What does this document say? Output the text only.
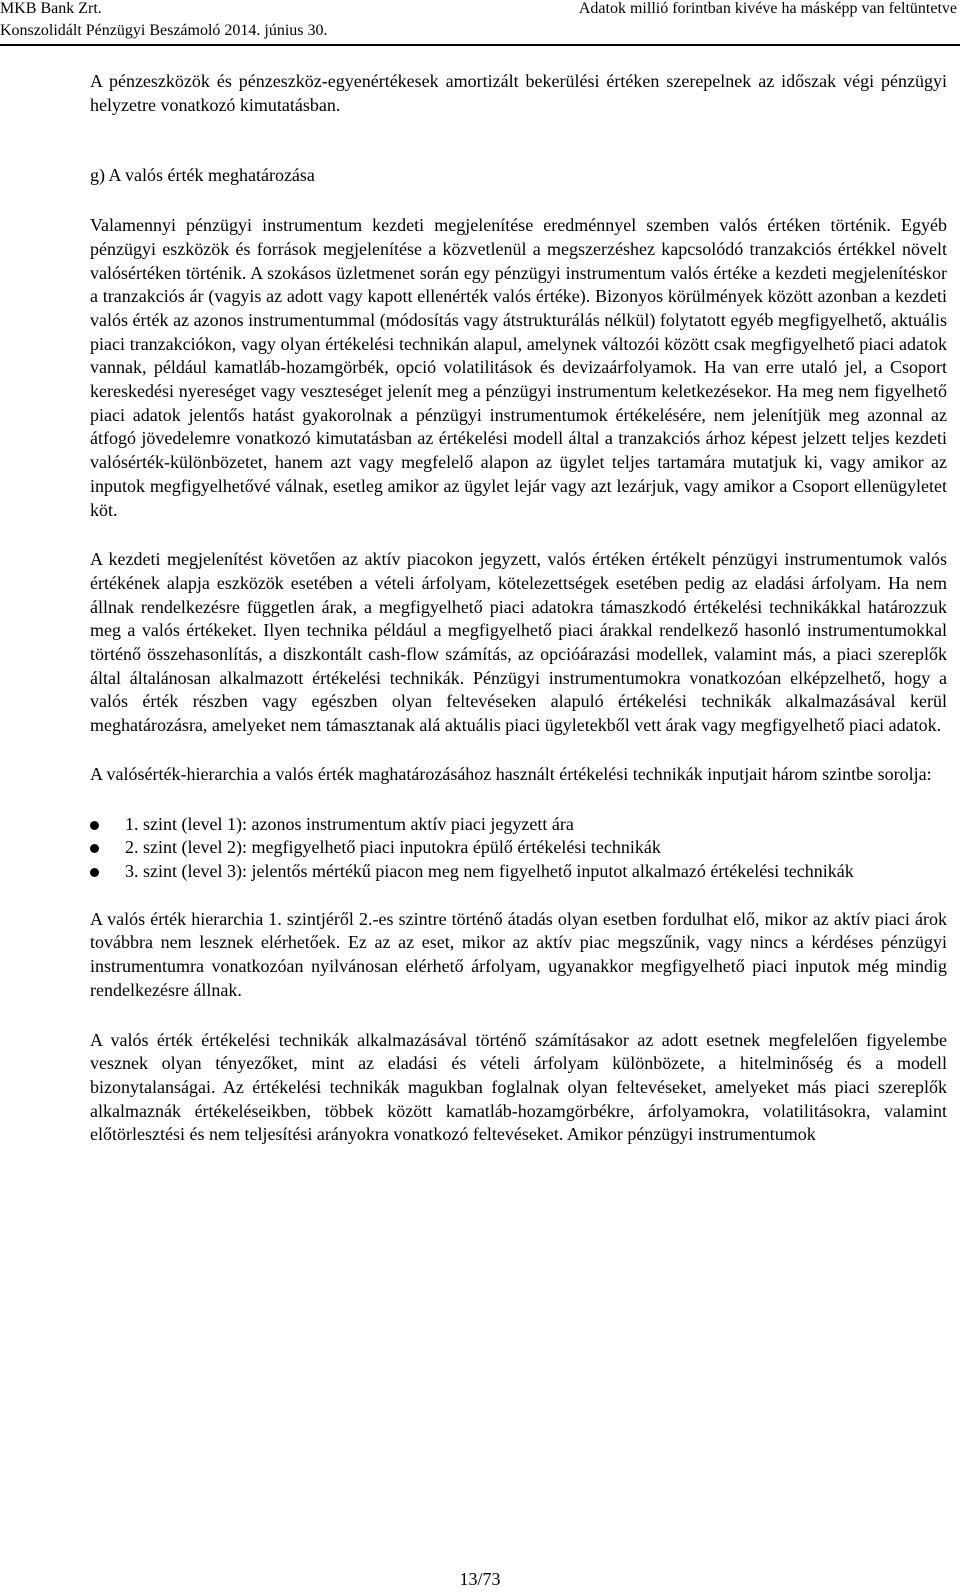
MKB Bank Zrt.
Konszolidált Pénzügyi Beszámoló 2014. június 30.
Adatok millió forintban kivéve ha másképp van feltüntetve

A pénzeszközök és pénzeszköz-egyenértékesek amortizált bekerülési értéken szerepelnek az időszak végi pénzügyi helyzetre vonatkozó kimutatásban.

g) A valós érték meghatározása

Valamennyi pénzügyi instrumentum kezdeti megjelenítése eredménnyel szemben valós értéken történik. Egyéb pénzügyi eszközök és források megjelenítése a közvetlenül a megszerzéshez kapcsolódó tranzakciós értékkel növelt valósértéken történik. A szokásos üzletmenet során egy pénzügyi instrumentum valós értéke a kezdeti megjelenítéskor a tranzakciós ár (vagyis az adott vagy kapott ellenérték valós értéke). Bizonyos körülmények között azonban a kezdeti valós érték az azonos instrumentummal (módosítás vagy átstrukturálás nélkül) folytatott egyéb megfigyelhető, aktuális piaci tranzakciókon, vagy olyan értékelési technikán alapul, amelynek változói között csak megfigyelhető piaci adatok vannak, például kamatláb-hozamgörbék, opció volatilitások és devizaárfolyamok. Ha van erre utaló jel, a Csoport kereskedési nyereséget vagy veszteséget jelenít meg a pénzügyi instrumentum keletkezésekor. Ha meg nem figyelhető piaci adatok jelentős hatást gyakorolnak a pénzügyi instrumentumok értékelésére, nem jelenítjük meg azonnal az átfogó jövedelemre vonatkozó kimutatásban az értékelési modell által a tranzakciós árhoz képest jelzett teljes kezdeti valósérték-különbözetet, hanem azt vagy megfelelő alapon az ügylet teljes tartamára mutatjuk ki, vagy amikor az inputok megfigyelhetővé válnak, esetleg amikor az ügylet lejár vagy azt lezárjuk, vagy amikor a Csoport ellenügyletet köt.

A kezdeti megjelenítést követően az aktív piacokon jegyzett, valós értéken értékelt pénzügyi instrumentumok valós értékének alapja eszközök esetében a vételi árfolyam, kötelezettségek esetében pedig az eladási árfolyam. Ha nem állnak rendelkezésre független árak, a megfigyelhető piaci adatokra támaszkodó értékelési technikákkal határozzuk meg a valós értékeket. Ilyen technika például a megfigyelhető piaci árakkal rendelkező hasonló instrumentumokkal történő összehasonlítás, a diszkontált cash-flow számítás, az opcióárazási modellek, valamint más, a piaci szereplők által általánosan alkalmazott értékelési technikák. Pénzügyi instrumentumokra vonatkozóan elképzelhető, hogy a valós érték részben vagy egészben olyan feltevéseken alapuló értékelési technikák alkalmazásával kerül meghatározásra, amelyeket nem támasztanak alá aktuális piaci ügyletekből vett árak vagy megfigyelhető piaci adatok.

A valósérték-hierarchia a valós érték maghatározásához használt értékelési technikák inputjait három szintbe sorolja:

1. szint (level 1): azonos instrumentum aktív piaci jegyzett ára
2. szint (level 2): megfigyelhető piaci inputokra épülő értékelési technikák
3. szint (level 3): jelentős mértékű piacon meg nem figyelhető inputot alkalmazó értékelési technikák

A valós érték hierarchia 1. szintjéről 2.-es szintre történő átadás olyan esetben fordulhat elő, mikor az aktív piaci árok továbbra nem lesznek elérhetőek. Ez az az eset, mikor az aktív piac megszűnik, vagy nincs a kérdéses pénzügyi instrumentumra vonatkozóan nyilvánosan elérhető árfolyam, ugyanakkor megfigyelhető piaci inputok még mindig rendelkezésre állnak.

A valós érték értékelési technikák alkalmazásával történő számításakor az adott esetnek megfelelően figyelembe vesznek olyan tényezőket, mint az eladási és vételi árfolyam különbözete, a hitelminőség és a modell bizonytalanságai. Az értékelési technikák magukban foglalnak olyan feltevéseket, amelyeket más piaci szereplők alkalmaznák értékeléseikben, többek között kamatláb-hozamgörbékre, árfolyamokra, volatilitásokra, valamint előtörlesztési és nem teljesítési arányokra vonatkozó feltevéseket. Amikor pénzügyi instrumentumok

13/73
